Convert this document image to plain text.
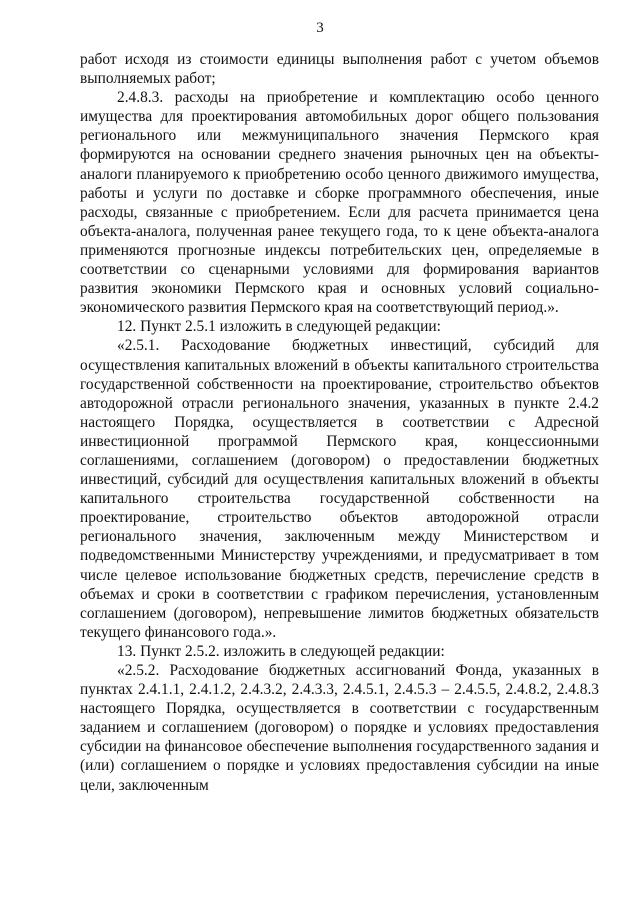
3

работ исходя из стоимости единицы выполнения работ с учетом объемов выполняемых работ;

2.4.8.3. расходы на приобретение и комплектацию особо ценного имущества для проектирования автомобильных дорог общего пользования регионального или межмуниципального значения Пермского края формируются на основании среднего значения рыночных цен на объекты-аналоги планируемого к приобретению особо ценного движимого имущества, работы и услуги по доставке и сборке программного обеспечения, иные расходы, связанные с приобретением. Если для расчета принимается цена объекта-аналога, полученная ранее текущего года, то к цене объекта-аналога применяются прогнозные индексы потребительских цен, определяемые в соответствии со сценарными условиями для формирования вариантов развития экономики Пермского края и основных условий социально-экономического развития Пермского края на соответствующий период.».

12. Пункт 2.5.1 изложить в следующей редакции:

«2.5.1. Расходование бюджетных инвестиций, субсидий для осуществления капитальных вложений в объекты капитального строительства государственной собственности на проектирование, строительство объектов автодорожной отрасли регионального значения, указанных в пункте 2.4.2 настоящего Порядка, осуществляется в соответствии с Адресной инвестиционной программой Пермского края, концессионными соглашениями, соглашением (договором) о предоставлении бюджетных инвестиций, субсидий для осуществления капитальных вложений в объекты капитального строительства государственной собственности на проектирование, строительство объектов автодорожной отрасли регионального значения, заключенным между Министерством и подведомственными Министерству учреждениями, и предусматривает в том числе целевое использование бюджетных средств, перечисление средств в объемах и сроки в соответствии с графиком перечисления, установленным соглашением (договором), непревышение лимитов бюджетных обязательств текущего финансового года.».

13. Пункт 2.5.2. изложить в следующей редакции:

«2.5.2. Расходование бюджетных ассигнований Фонда, указанных в пунктах 2.4.1.1, 2.4.1.2, 2.4.3.2, 2.4.3.3, 2.4.5.1, 2.4.5.3 – 2.4.5.5, 2.4.8.2, 2.4.8.3 настоящего Порядка, осуществляется в соответствии с государственным заданием и соглашением (договором) о порядке и условиях предоставления субсидии на финансовое обеспечение выполнения государственного задания и (или) соглашением о порядке и условиях предоставления субсидии на иные цели, заключенным
